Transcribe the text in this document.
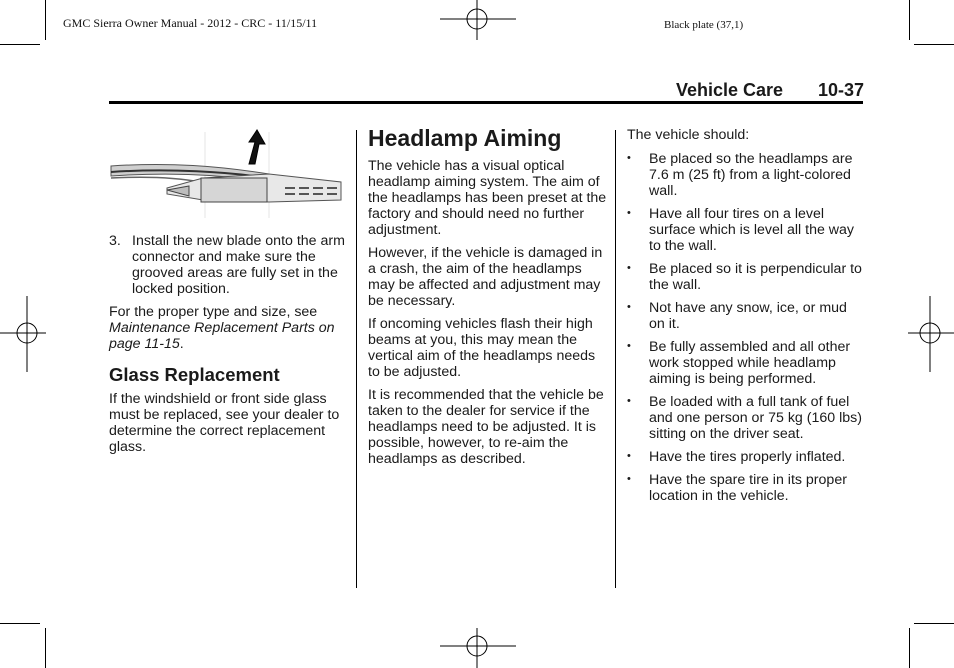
GMC Sierra Owner Manual - 2012 - CRC - 11/15/11	Black plate (37,1)
Vehicle Care 10-37
3. Install the new blade onto the arm connector and make sure the grooved areas are fully set in the locked position.

For the proper type and size, see Maintenance Replacement Parts on page 11-15.

Glass Replacement

If the windshield or front side glass must be replaced, see your dealer to determine the correct replacement glass.

Headlamp Aiming

The vehicle has a visual optical headlamp aiming system. The aim of the headlamps has been preset at the factory and should need no further adjustment.

However, if the vehicle is damaged in a crash, the aim of the headlamps may be affected and adjustment may be necessary.

If oncoming vehicles flash their high beams at you, this may mean the vertical aim of the headlamps needs to be adjusted.

It is recommended that the vehicle be taken to the dealer for service if the headlamps need to be adjusted. It is possible, however, to re-aim the headlamps as described.

The vehicle should:

• Be placed so the headlamps are 7.6 m (25 ft) from a light-colored wall.
• Have all four tires on a level surface which is level all the way to the wall.
• Be placed so it is perpendicular to the wall.
• Not have any snow, ice, or mud on it.
• Be fully assembled and all other work stopped while headlamp aiming is being performed.
• Be loaded with a full tank of fuel and one person or 75 kg (160 lbs) sitting on the driver seat.
• Have the tires properly inflated.
• Have the spare tire in its proper location in the vehicle.
